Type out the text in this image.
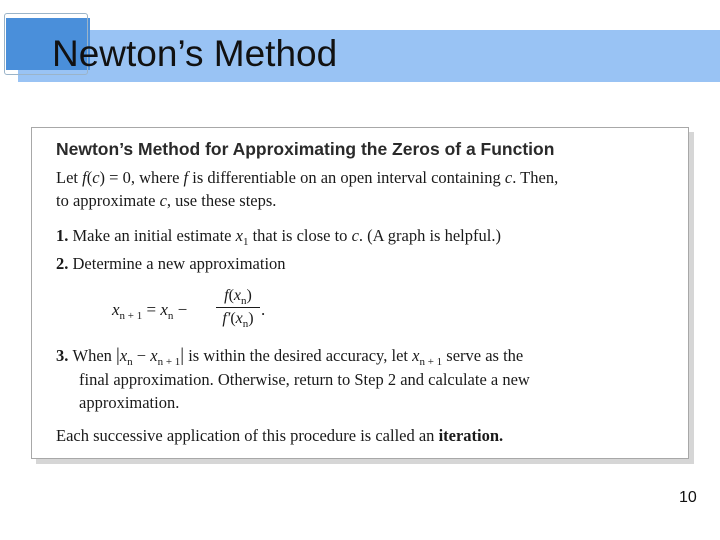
Newton’s Method
Newton’s Method for Approximating the Zeros of a Function
Let f(c) = 0, where f is differentiable on an open interval containing c. Then,
to approximate c, use these steps.
1. Make an initial estimate $x_1$ that is close to c. (A graph is helpful.)
2. Determine a new approximation
$x_{n + 1} = x_n$ −
$f(x_n)$
$f'(x_n)$ .
3. When $|x_n - x_{n + 1}|$ is within the desired accuracy, let $x_{n + 1}$ serve as the
final approximation. Otherwise, return to Step 2 and calculate a new
approximation.
Each successive application of this procedure is called an iteration.

10
